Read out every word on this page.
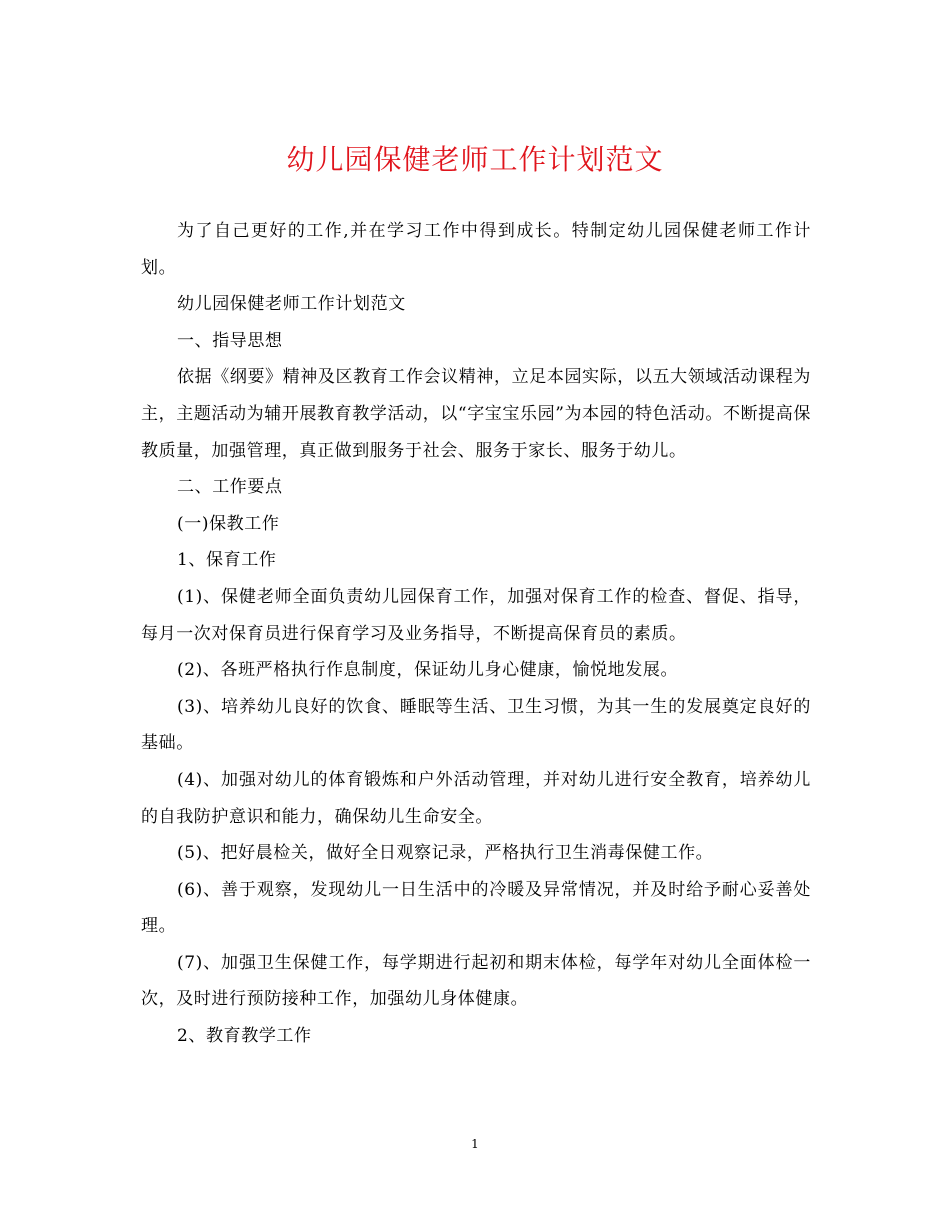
幼儿园保健老师工作计划范文

为了自己更好的工作,并在学习工作中得到成长。特制定幼儿园保健老师工作计划。

幼儿园保健老师工作计划范文

一、指导思想

依据《纲要》精神及区教育工作会议精神，立足本园实际，以五大领域活动课程为主，主题活动为辅开展教育教学活动，以“字宝宝乐园”为本园的特色活动。不断提高保教质量，加强管理，真正做到服务于社会、服务于家长、服务于幼儿。

二、工作要点

(一)保教工作

1、保育工作

(1)、保健老师全面负责幼儿园保育工作，加强对保育工作的检查、督促、指导，每月一次对保育员进行保育学习及业务指导，不断提高保育员的素质。

(2)、各班严格执行作息制度，保证幼儿身心健康，愉悦地发展。

(3)、培养幼儿良好的饮食、睡眠等生活、卫生习惯，为其一生的发展奠定良好的基础。

(4)、加强对幼儿的体育锻炼和户外活动管理，并对幼儿进行安全教育，培养幼儿的自我防护意识和能力，确保幼儿生命安全。

(5)、把好晨检关，做好全日观察记录，严格执行卫生消毒保健工作。

(6)、善于观察，发现幼儿一日生活中的冷暖及异常情况，并及时给予耐心妥善处理。

(7)、加强卫生保健工作，每学期进行起初和期末体检，每学年对幼儿全面体检一次，及时进行预防接种工作，加强幼儿身体健康。

2、教育教学工作

1
